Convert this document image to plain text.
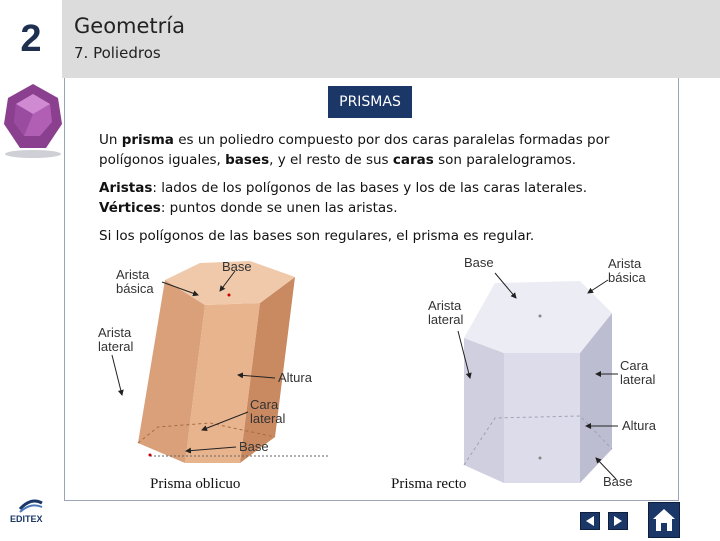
2	Geometría
7. Poliedros
PRISMAS
Un prisma es un poliedro compuesto por dos caras paralelas formadas por polígonos iguales, bases, y el resto de sus caras son paralelogramos.
Aristas: lados de los polígonos de las bases y los de las caras laterales.
Vértices: puntos donde se unen las aristas.
Si los polígonos de las bases son regulares, el prisma es regular.
Arista
básica
Base
Arista
lateral
Altura
Cara
lateral
Base
Base	Arista
básica
Arista
lateral
Cara
lateral
Altura
Base
Prisma oblicuo	Prisma recto
EDITEX
